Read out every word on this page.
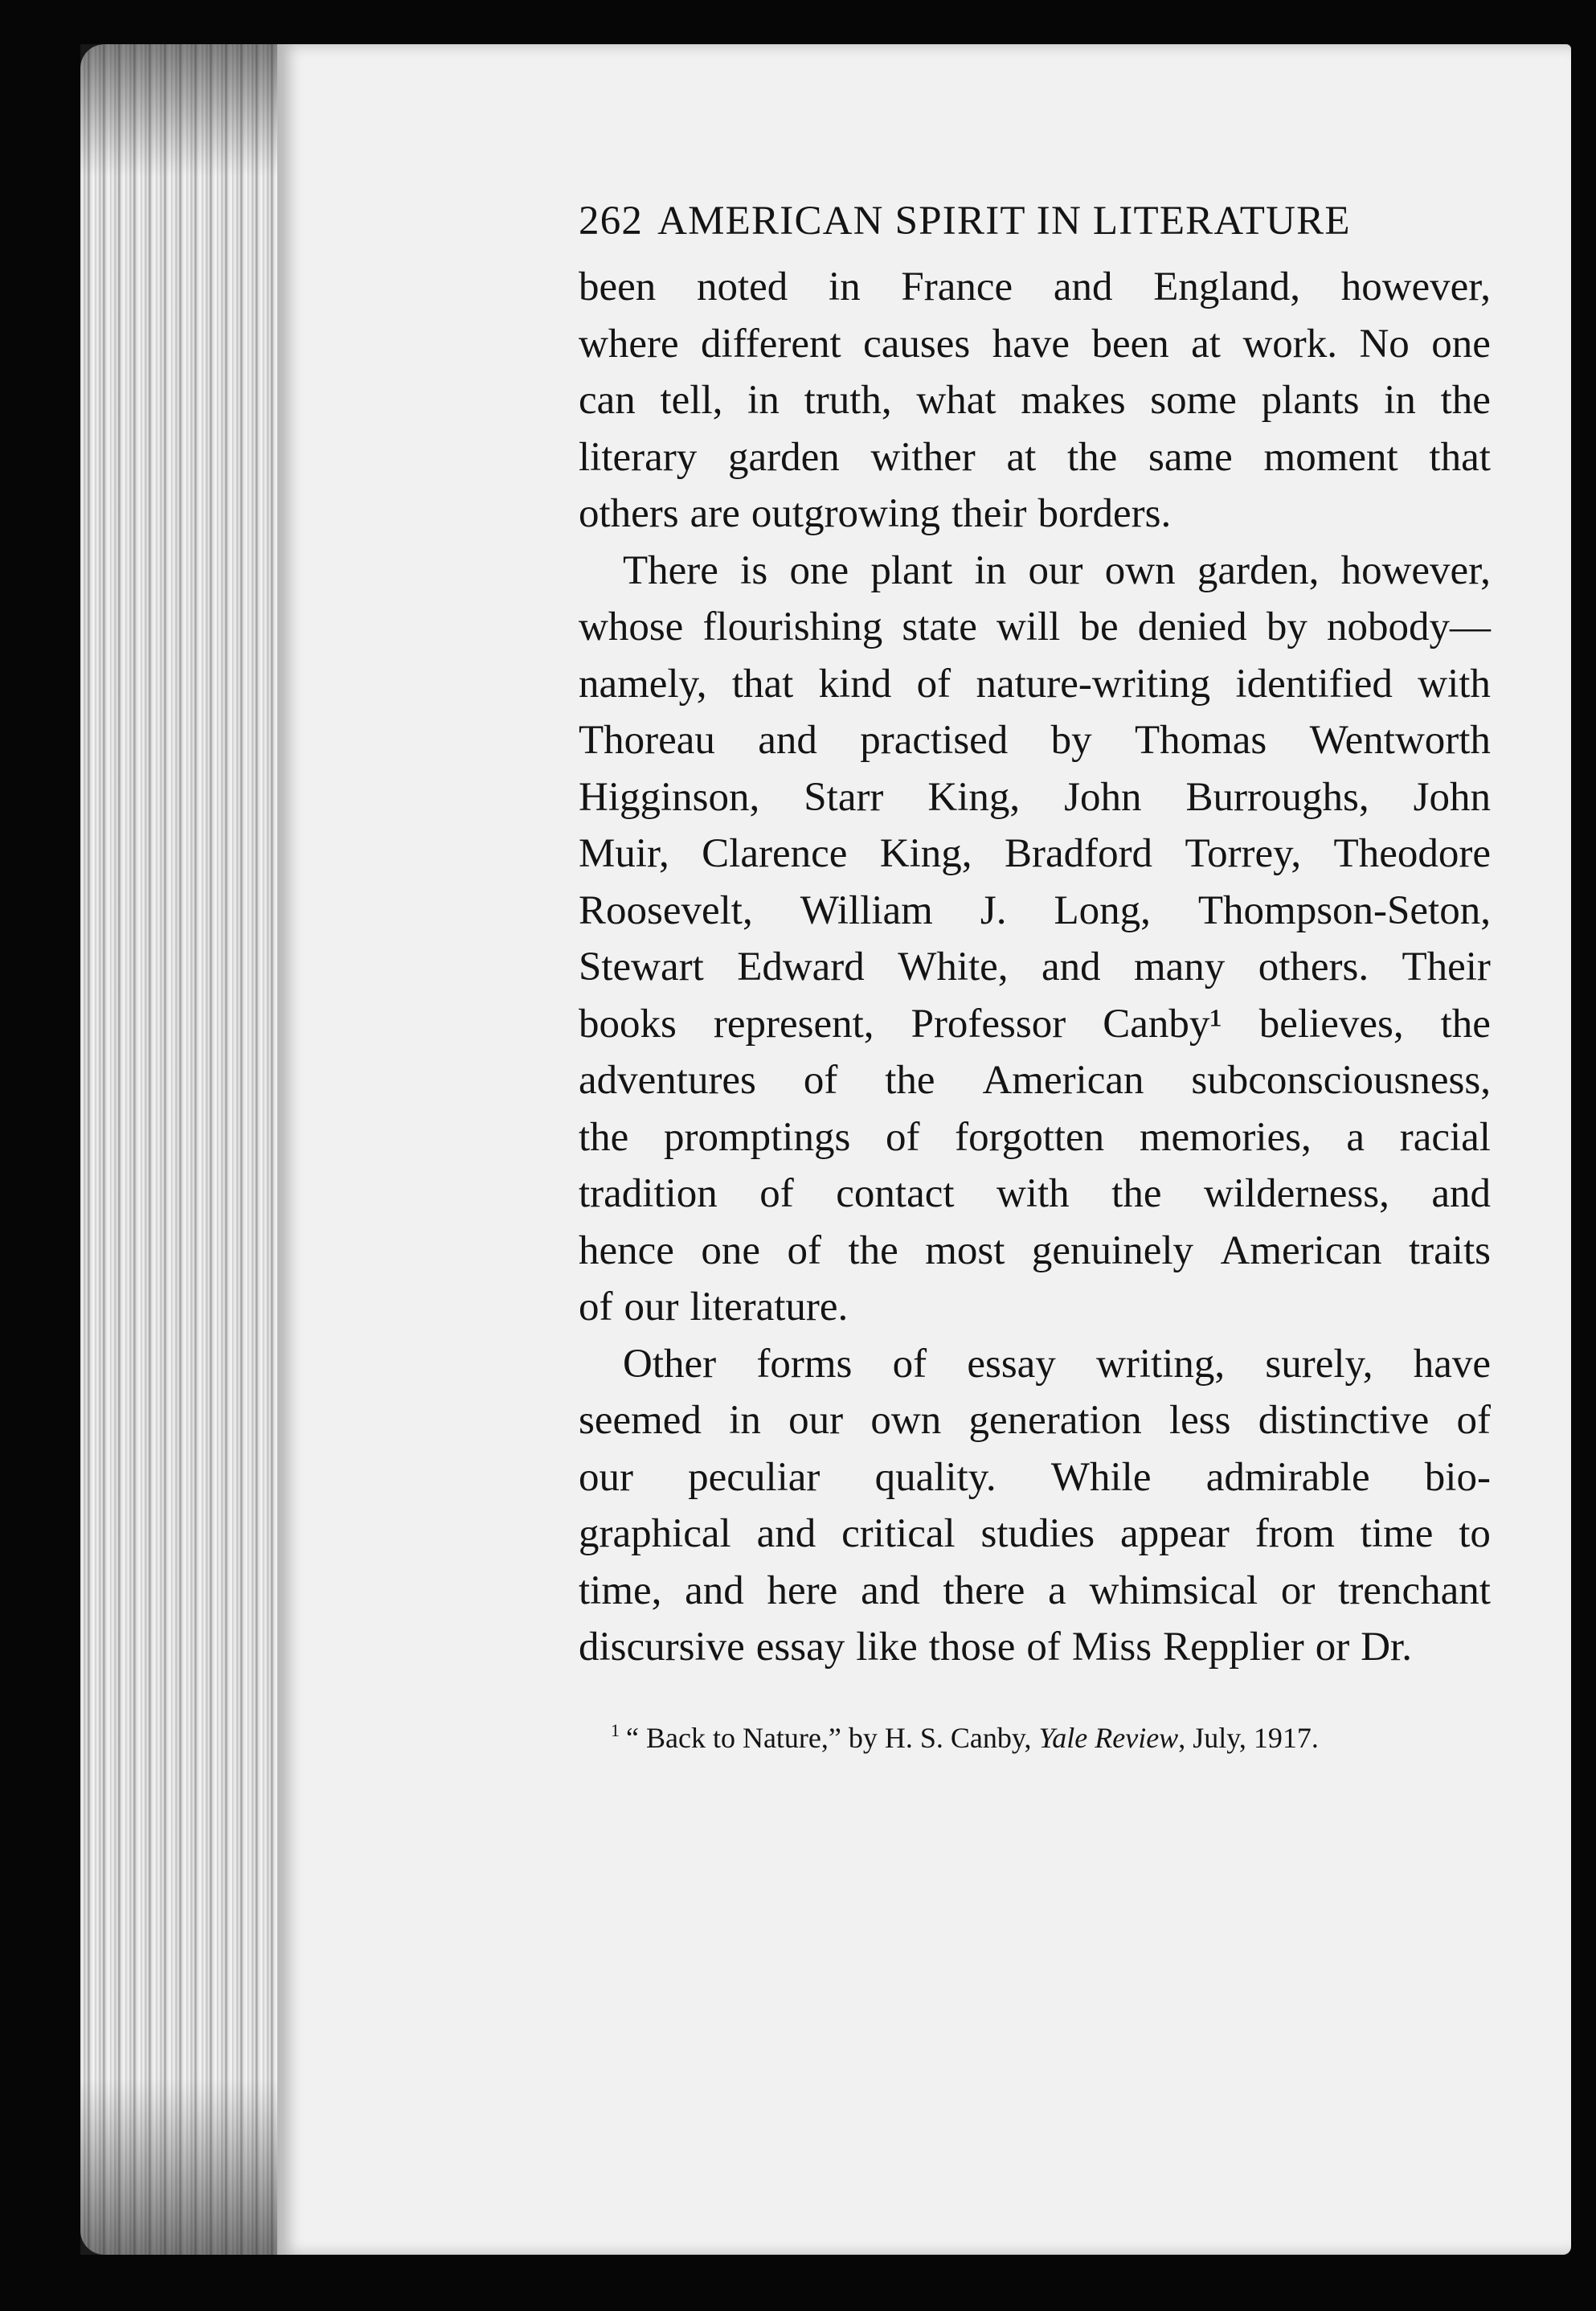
262 AMERICAN SPIRIT IN LITERATURE
been noted in France and England, however,
where different causes have been at work. No one
can tell, in truth, what makes some plants in the
literary garden wither at the same moment that
others are outgrowing their borders.
There is one plant in our own garden, however,
whose flourishing state will be denied by nobody—
namely, that kind of nature-writing identified with
Thoreau and practised by Thomas Wentworth
Higginson, Starr King, John Burroughs, John
Muir, Clarence King, Bradford Torrey, Theodore
Roosevelt, William J. Long, Thompson-Seton,
Stewart Edward White, and many others. Their
books represent, Professor Canby¹ believes, the
adventures of the American subconsciousness,
the promptings of forgotten memories, a racial
tradition of contact with the wilderness, and
hence one of the most genuinely American traits
of our literature.
Other forms of essay writing, surely, have
seemed in our own generation less distinctive of
our peculiar quality. While admirable bio-
graphical and critical studies appear from time to
time, and here and there a whimsical or trenchant
discursive essay like those of Miss Repplier or Dr.
$^1$ “ Back to Nature,” by H. S. Canby, Yale Review, July, 1917.
